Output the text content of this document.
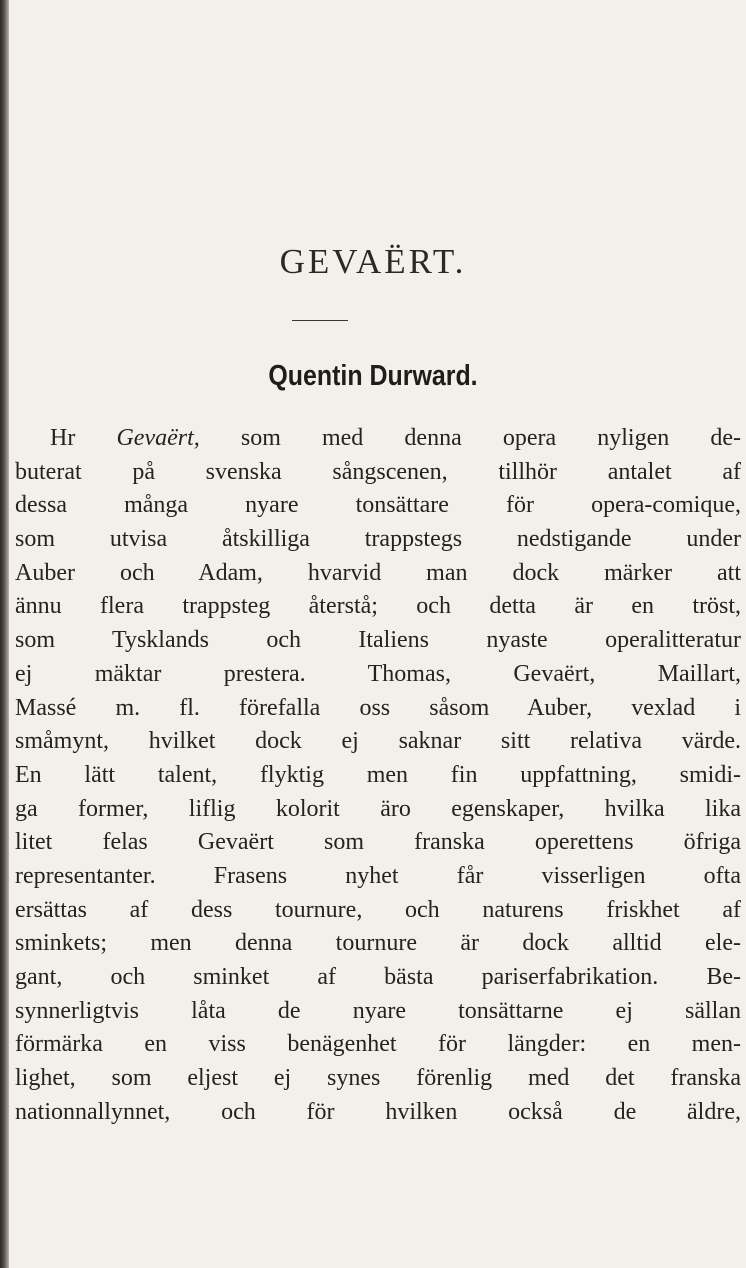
GEVAËRT.
Quentin Durward.
Hr Gevaërt, som med denna opera nyligen de-
buterat på svenska sångscenen, tillhör antalet af
dessa många nyare tonsättare för opera-comique,
som utvisa åtskilliga trappstegs nedstigande under
Auber och Adam, hvarvid man dock märker att
ännu flera trappsteg återstå; och detta är en tröst,
som Tysklands och Italiens nyaste operalitteratur
ej mäktar prestera. Thomas, Gevaërt, Maillart,
Massé m. fl. förefalla oss såsom Auber, vexlad i
småmynt, hvilket dock ej saknar sitt relativa värde.
En lätt talent, flyktig men fin uppfattning, smidi-
ga former, liflig kolorit äro egenskaper, hvilka lika
litet felas Gevaërt som franska operettens öfriga
representanter. Frasens nyhet får visserligen ofta
ersättas af dess tournure, och naturens friskhet af
sminkets; men denna tournure är dock alltid ele-
gant, och sminket af bästa pariserfabrikation. Be-
synnerligtvis låta de nyare tonsättarne ej sällan
förmärka en viss benägenhet för längder: en men-
lighet, som eljest ej synes förenlig med det franska
nationnallynnet, och för hvilken också de äldre,
